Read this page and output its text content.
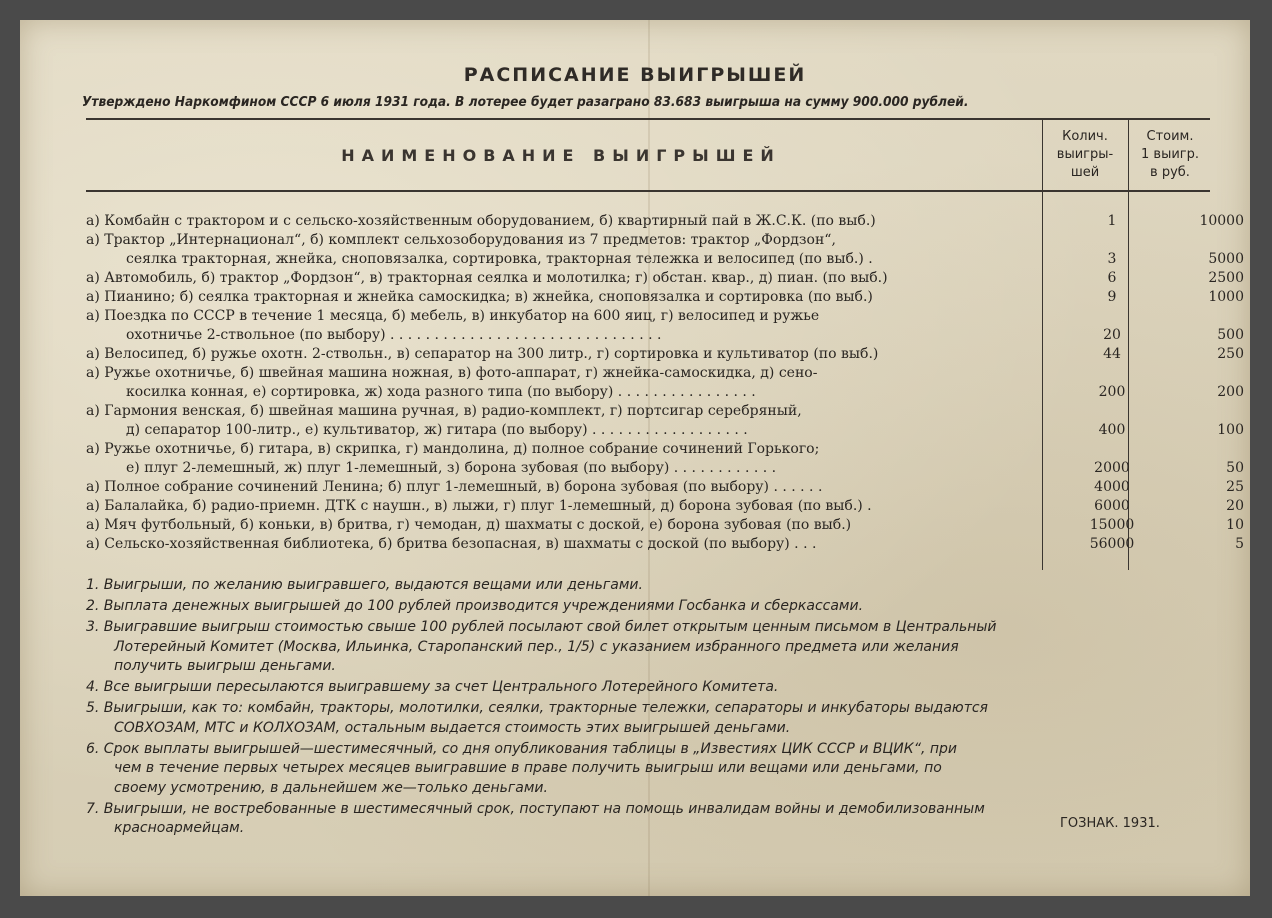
РАСПИСАНИЕ ВЫИГРЫШЕЙ
Утверждено Наркомфином СССР 6 июля 1931 года. В лотерее будет разагрaно 83.683 выигрыша на сумму 900.000 рублей.
НАИМЕНОВАНИЕ ВЫИГРЫШЕЙ
Колич.
выигры-
шей
Стоим.
1 выигр.
в руб.
а) Комбайн с трактором и с сельско-хозяйственным оборудованием, б) квартирный пай в Ж.С.К. (по выб.)	1	10000
а) Трактор „Интернационал“, б) комплект сельхозоборудования из 7 предметов: трактор „Фордзон“,
сеялка тракторная, жнейка, сноповязалка, сортировка, тракторная тележка и велосипед (по выб.) .	3	5000
а) Автомобиль, б) трактор „Фордзон“, в) тракторная сеялка и молотилка; г) обстан. квар., д) пиан. (по выб.)	6	2500
а) Пианино; б) сеялка тракторная и жнейка самоскидка; в) жнейка, сноповязалка и сортировка (по выб.)	9	1000
а) Поездка по СССР в течение 1 месяца, б) мебель, в) инкубатор на 600 яиц, г) велосипед и ружье
охотничье 2-ствольное (по выбору) . . . . . . . . . . . . . . . . . . . . . . . . . . . . . . .	20	500
а) Велосипед, б) ружье охотн. 2-ствольн., в) сепаратор на 300 литр., г) сортировка и культиватор (по выб.)	44	250
а) Ружье охотничье, б) швейная машина ножная, в) фото-аппарат, г) жнейка-самоскидка, д) сено-
косилка конная, е) сортировка, ж) хода разного типа (по выбору) . . . . . . . . . . . . . . . .	200	200
а) Гармония венская, б) швейная машина ручная, в) радио-комплект, г) портсигар серебряный,
д) сепаратор 100-литр., е) культиватор, ж) гитара (по выбору) . . . . . . . . . . . . . . . . . .	400	100
а) Ружье охотничье, б) гитара, в) скрипка, г) мандолина, д) полное собрание сочинений Горького;
е) плуг 2-лемешный, ж) плуг 1-лемешный, з) борона зубовая (по выбору) . . . . . . . . . . . .	2000	50
а) Полное собрание сочинений Ленина; б) плуг 1-лемешный, в) борона зубовая (по выбору) . . . . . .	4000	25
а) Балалайка, б) радио-приемн. ДТК с наушн., в) лыжи, г) плуг 1-лемешный, д) борона зубовая (по выб.) .	6000	20
а) Мяч футбольный, б) коньки, в) бритва, г) чемодан, д) шахматы с доской, е) борона зубовая (по выб.)	15000	10
а) Сельско-хозяйственная библиотека, б) бритва безопасная, в) шахматы с доской (по выбору) . . .	56000	5
1. Выигрыши, по желанию выигравшего, выдаются вещами или деньгами.
2. Выплата денежных выигрышей до 100 рублей производится учреждениями Госбанка и сберкассами.
3. Выигравшие выигрыш стоимостью свыше 100 рублей посылают свой билет открытым ценным письмом в Центральный
Лотерейный Комитет (Москва, Ильинка, Старопанский пер., 1/5) с указанием избранного предмета или желания
получить выигрыш деньгами.
4. Все выигрыши пересылаются выигравшему за счет Центрального Лотерейного Комитета.
5. Выигрыши, как то: комбайн, тракторы, молотилки, сеялки, тракторные тележки, сепараторы и инкубаторы выдаются
СОВХОЗАМ, МТС и КОЛХОЗАМ, остальным выдается стоимость этих выигрышей деньгами.
6. Срок выплаты выигрышей—шестимесячный, со дня опубликования таблицы в „Известиях ЦИК СССР и ВЦИК“, при
чем в течение первых четырех месяцев выигравшие в праве получить выигрыш или вещами или деньгами, по
своему усмотрению, в дальнейшем же—только деньгами.
7. Выигрыши, не востребованные в шестимесячный срок, поступают на помощь инвалидам войны и демобилизованным
красноармейцам.	ГОЗНАК. 1931.
